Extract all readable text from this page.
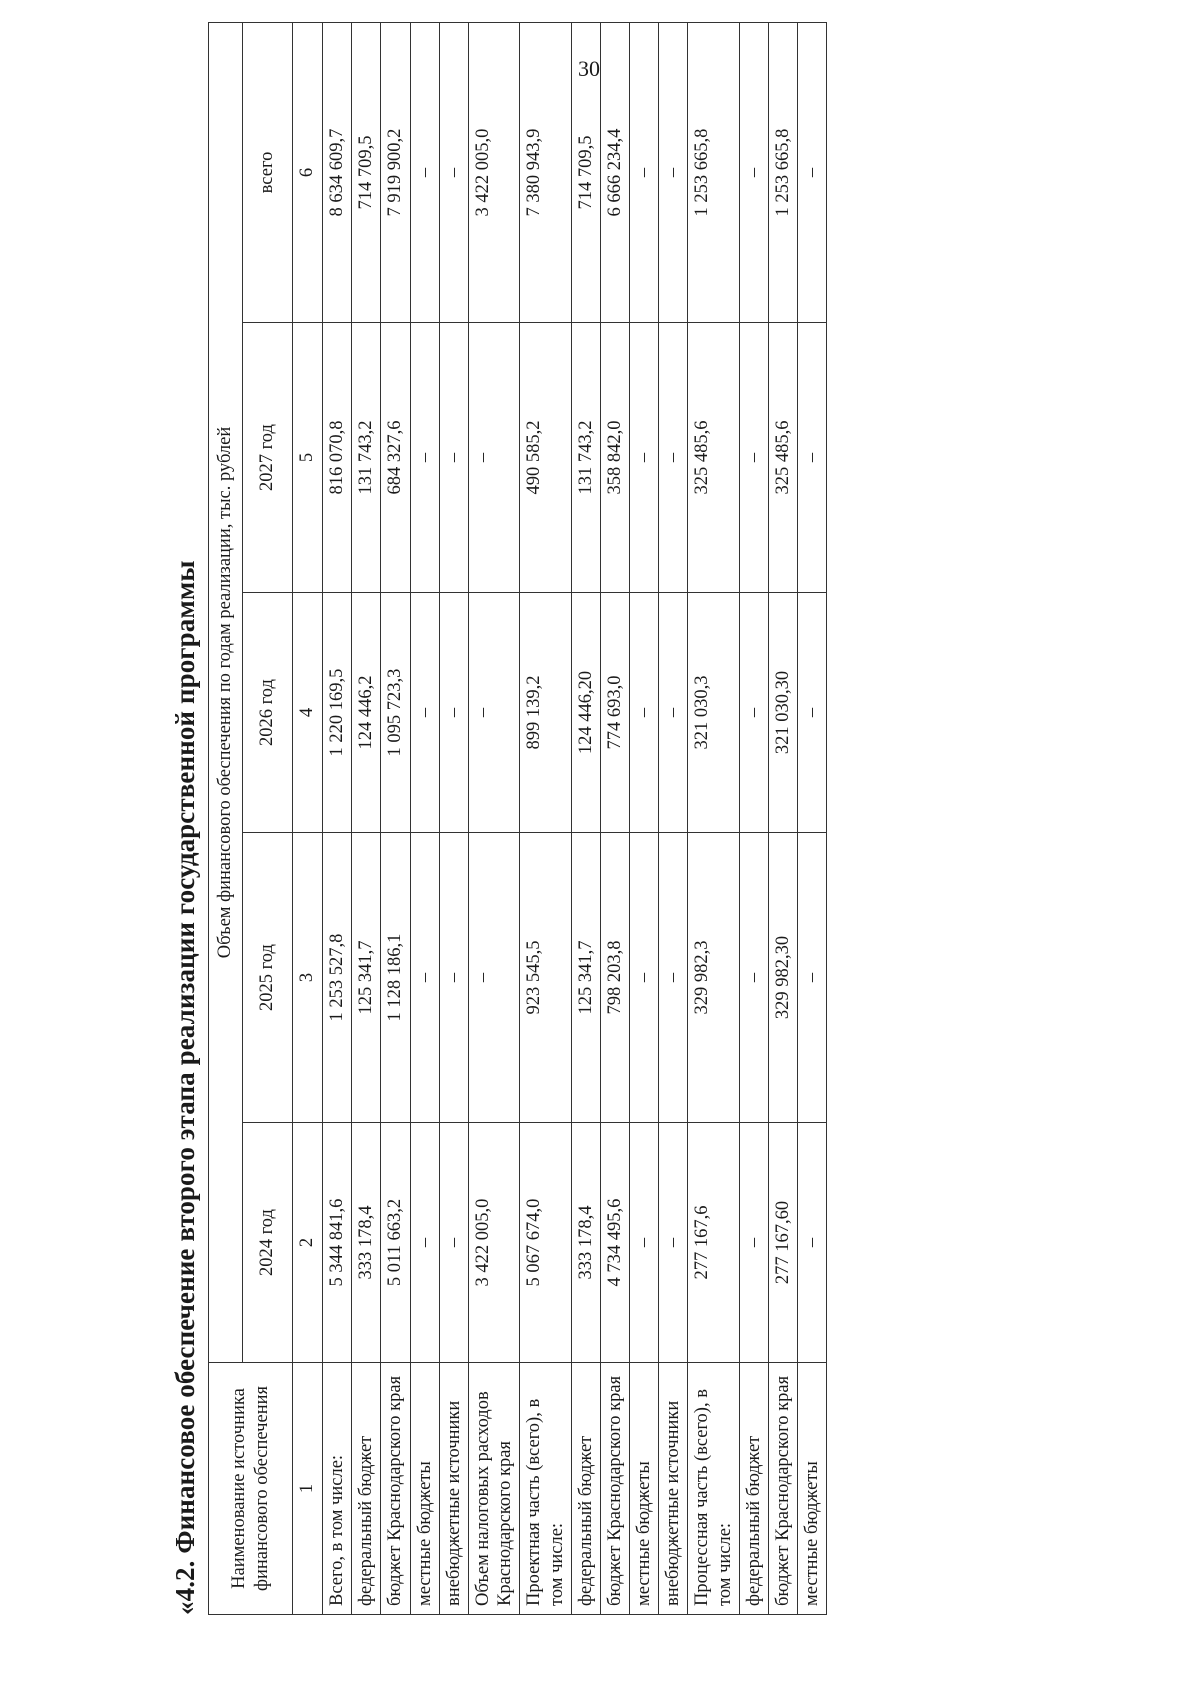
30
«4.2. Финансовое обеспечение второго этапа реализации государственной программы	Наименование источника финансового обеспечения	Объем финансового обеспечения по годам реализации, тыс. рублей				
	2024 год	2025 год	2026 год	2027 год	всего
1	2	3	4	5	6
Всего, в том числе:	5 344 841,6	1 253 527,8	1 220 169,5	816 070,8	8 634 609,7
федеральный бюджет	333 178,4	125 341,7	124 446,2	131 743,2	714 709,5
бюджет Краснодарского края	5 011 663,2	1 128 186,1	1 095 723,3	684 327,6	7 919 900,2
местные бюджеты	–	–	–	–	–
внебюджетные источники	–	–	–	–	–
Объем налоговых расходов Краснодарского края	3 422 005,0	–	–	–	3 422 005,0
Проектная часть (всего), в том числе:	5 067 674,0	923 545,5	899 139,2	490 585,2	7 380 943,9
федеральный бюджет	333 178,4	125 341,7	124 446,20	131 743,2	714 709,5
бюджет Краснодарского края	4 734 495,6	798 203,8	774 693,0	358 842,0	6 666 234,4
местные бюджеты	–	–	–	–	–
внебюджетные источники	–	–	–	–	–
Процессная часть (всего), в том числе:	277 167,6	329 982,3	321 030,3	325 485,6	1 253 665,8
федеральный бюджет	–	–	–	–	–
бюджет Краснодарского края	277 167,60	329 982,30	321 030,30	325 485,6	1 253 665,8
местные бюджеты	–	–	–	–	–
